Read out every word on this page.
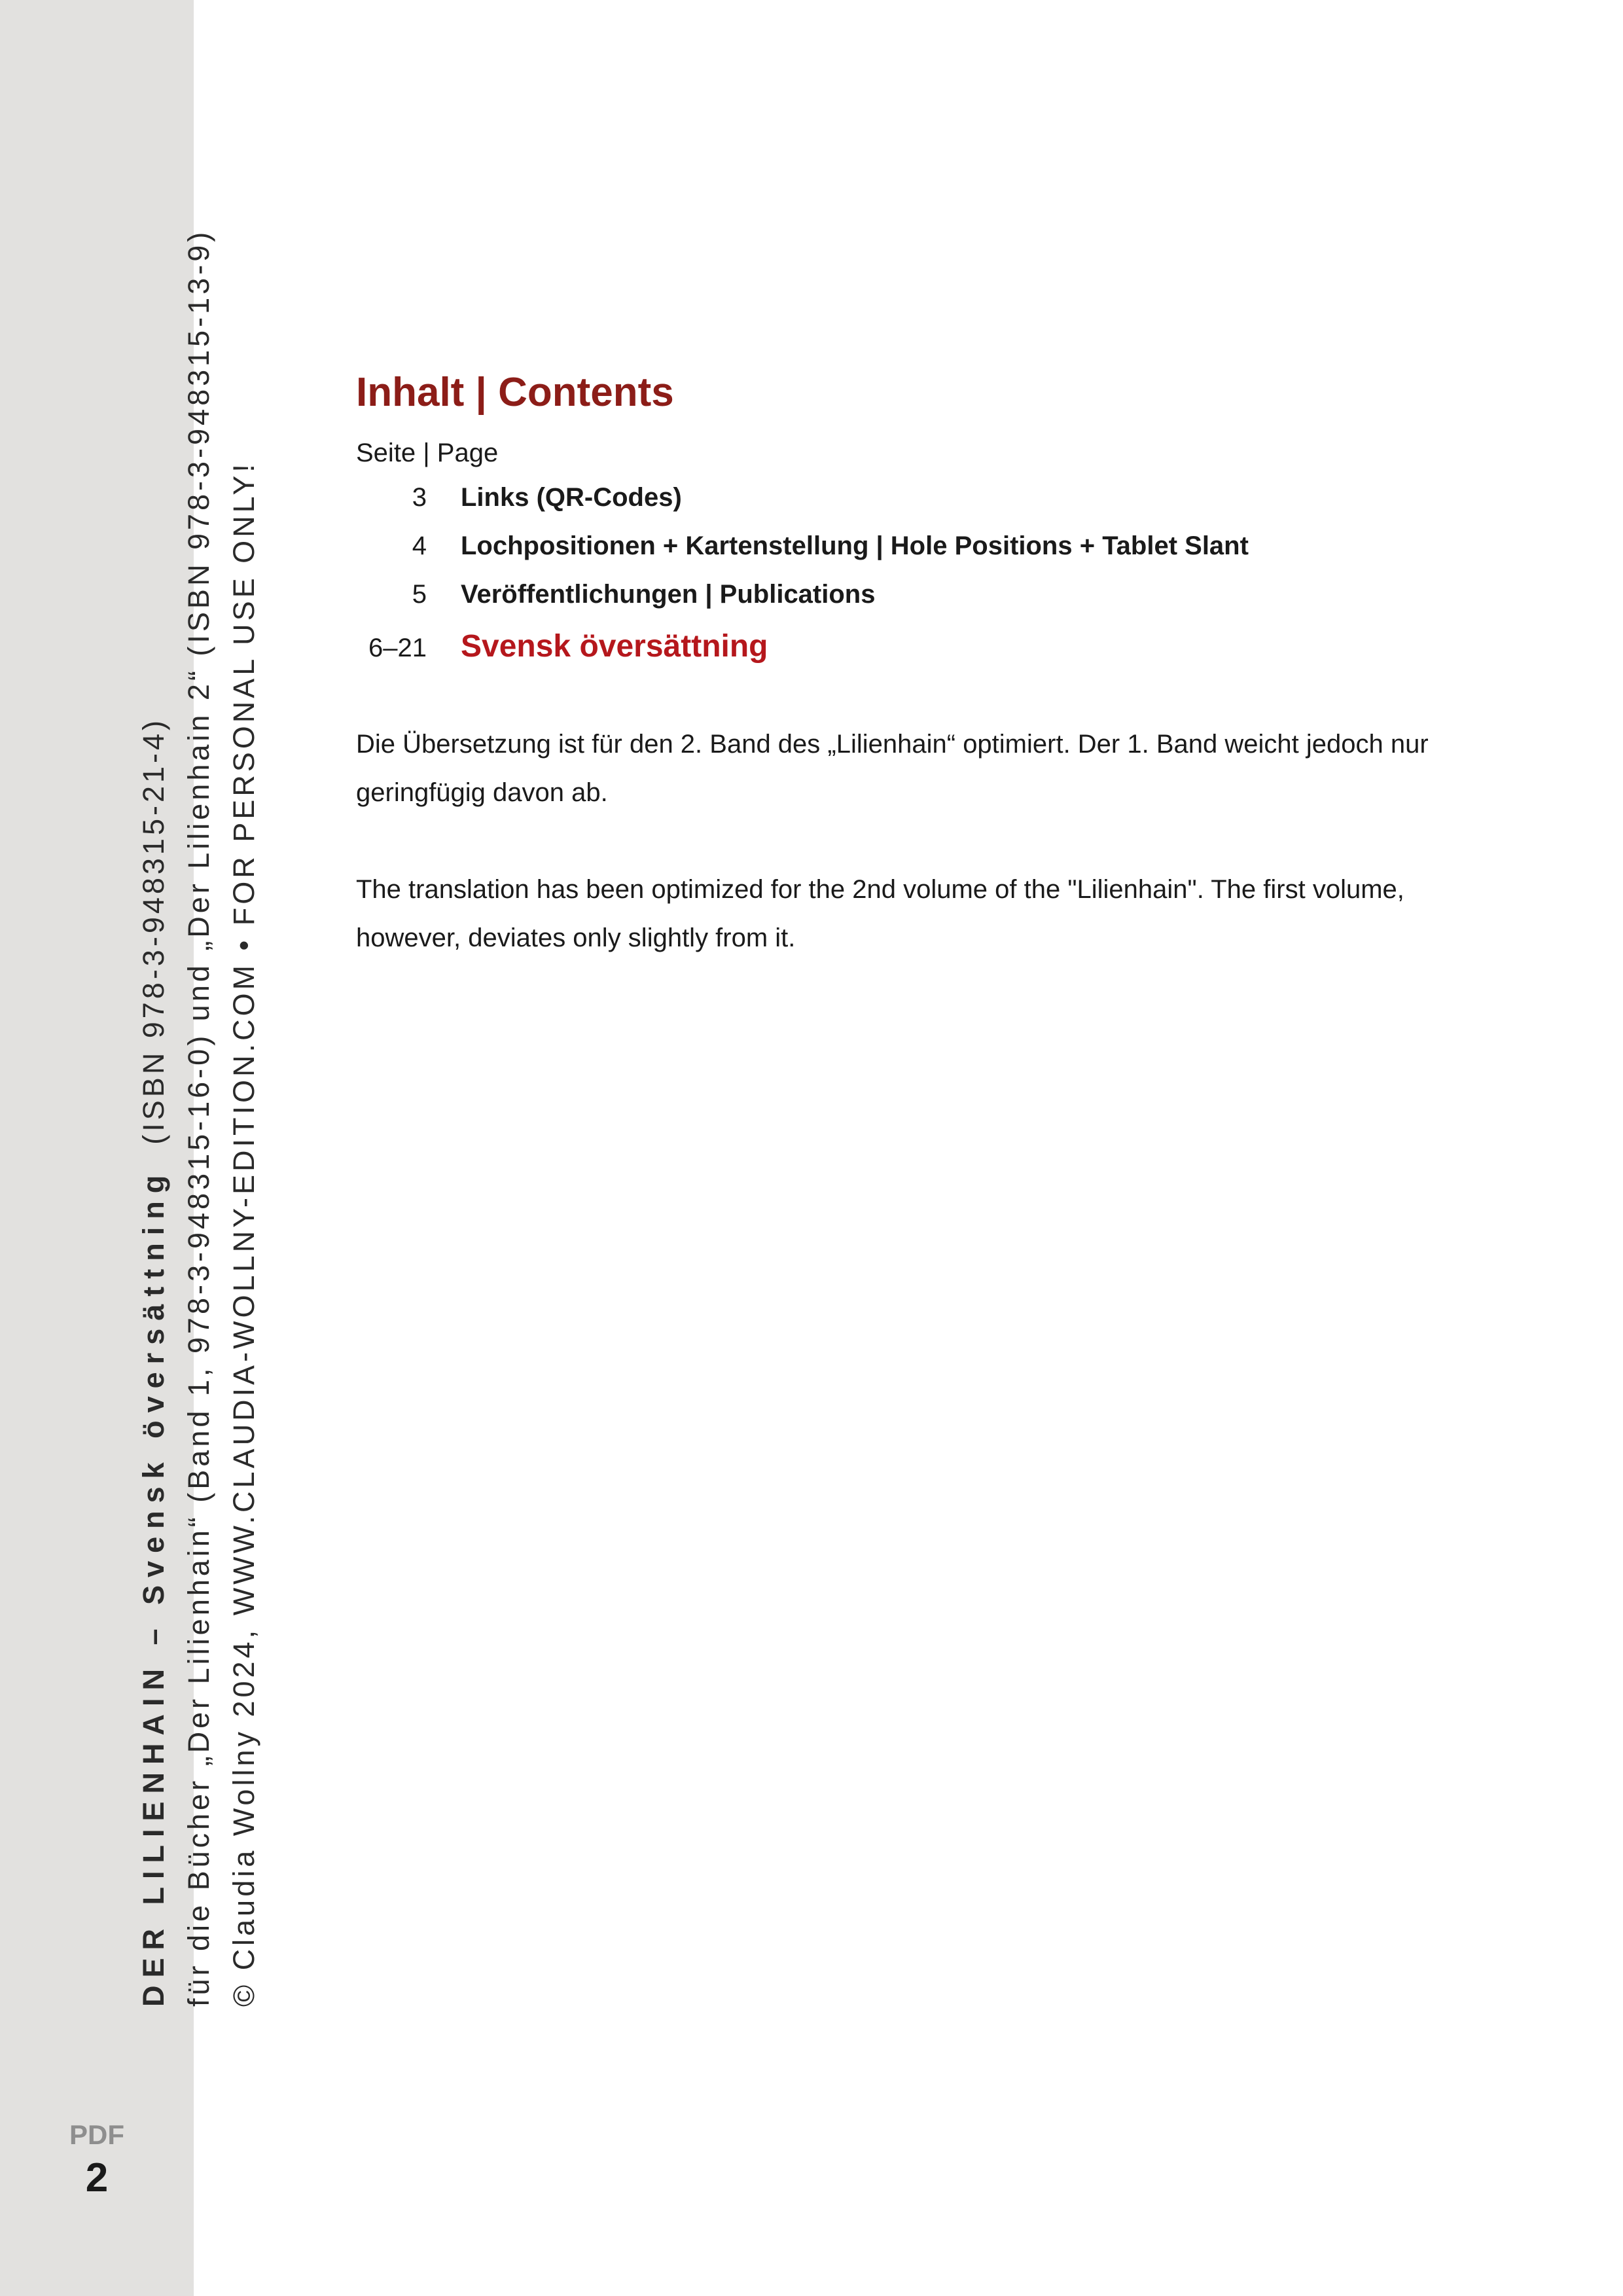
DER LILIENHAIN – Svensk översättning  (ISBN 978-3-948315-21-4) für die Bücher „Der Lilienhain“ (Band 1, 978-3-948315-16-0) und „Der Lilienhain 2“ (ISBN 978-3-948315-13-9) © Claudia Wollny 2024, WWW.CLAUDIA-WOLLNY-EDITION.COM • FOR PERSONAL USE ONLY!
PDF
2
Inhalt | Contents
Seite | Page
3	Links (QR-Codes)
4	Lochpositionen + Kartenstellung | Hole Positions + Tablet Slant
5	Veröffentlichungen | Publications
6–21	Svensk översättning

Die Übersetzung ist für den 2. Band des „Lilienhain“ optimiert. Der 1. Band weicht jedoch nur
geringfügig davon ab.

The translation has been optimized for the 2nd volume of the "Lilienhain". The first volume,
however, deviates only slightly from it.
